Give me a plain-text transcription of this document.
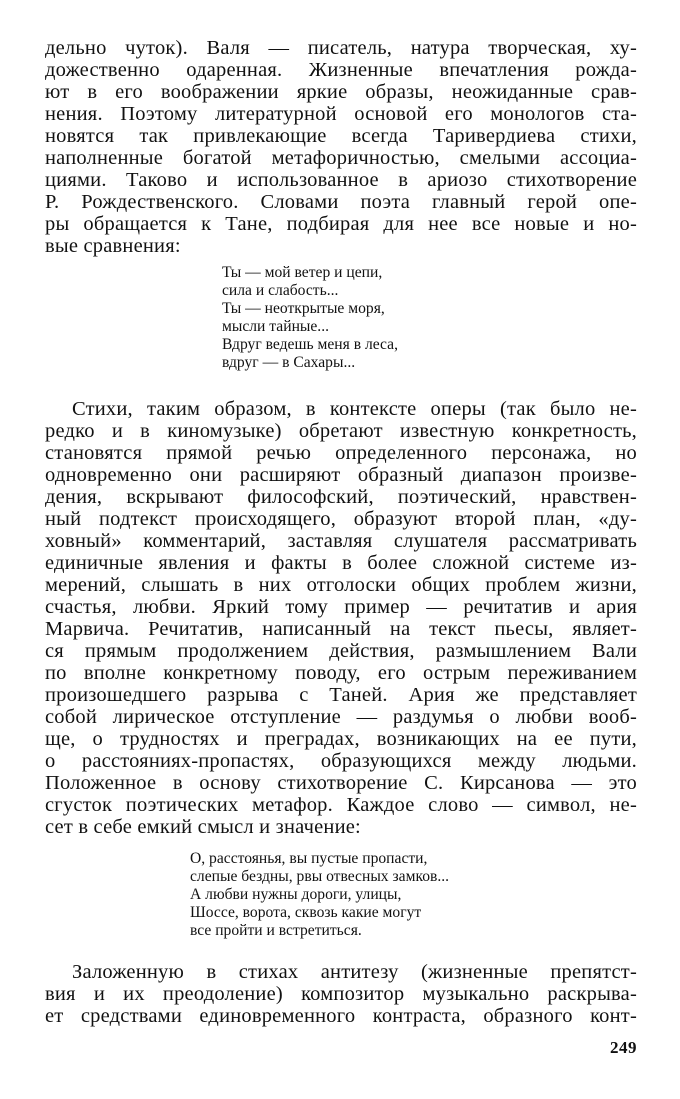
дельно чуток). Валя — писатель, натура творческая, ху-
дожественно одаренная. Жизненные впечатления рожда-
ют в его воображении яркие образы, неожиданные срав-
нения. Поэтому литературной основой его монологов ста-
новятся так привлекающие всегда Таривердиева стихи,
наполненные богатой метафоричностью, смелыми ассоциа-
циями. Таково и использованное в ариозо стихотворение
Р. Рождественского. Словами поэта главный герой опе-
ры обращается к Тане, подбирая для нее все новые и но-
вые сравнения:
Ты — мой ветер и цепи,
сила и слабость...
Ты — неоткрытые моря,
мысли тайные...
Вдруг ведешь меня в леса,
вдруг — в Сахары...
Стихи, таким образом, в контексте оперы (так было не-
редко и в киномузыке) обретают известную конкретность,
становятся прямой речью определенного персонажа, но
одновременно они расширяют образный диапазон произве-
дения, вскрывают философский, поэтический, нравствен-
ный подтекст происходящего, образуют второй план, «ду-
ховный» комментарий, заставляя слушателя рассматривать
единичные явления и факты в более сложной системе из-
мерений, слышать в них отголоски общих проблем жизни,
счастья, любви. Яркий тому пример — речитатив и ария
Марвича. Речитатив, написанный на текст пьесы, являет-
ся прямым продолжением действия, размышлением Вали
по вполне конкретному поводу, его острым переживанием
произошедшего разрыва с Таней. Ария же представляет
собой лирическое отступление — раздумья о любви вооб-
ще, о трудностях и преградах, возникающих на ее пути,
о расстояниях-пропастях, образующихся между людьми.
Положенное в основу стихотворение С. Кирсанова — это
сгусток поэтических метафор. Каждое слово — символ, не-
сет в себе емкий смысл и значение:
О, расстоянья, вы пустые пропасти,
слепые бездны, рвы отвесных замков...
А любви нужны дороги, улицы,
Шоссе, ворота, сквозь какие могут
все пройти и встретиться.
Заложенную в стихах антитезу (жизненные препятст-
вия и их преодоление) композитор музыкально раскрыва-
ет средствами единовременного контраста, образного конт-
249
